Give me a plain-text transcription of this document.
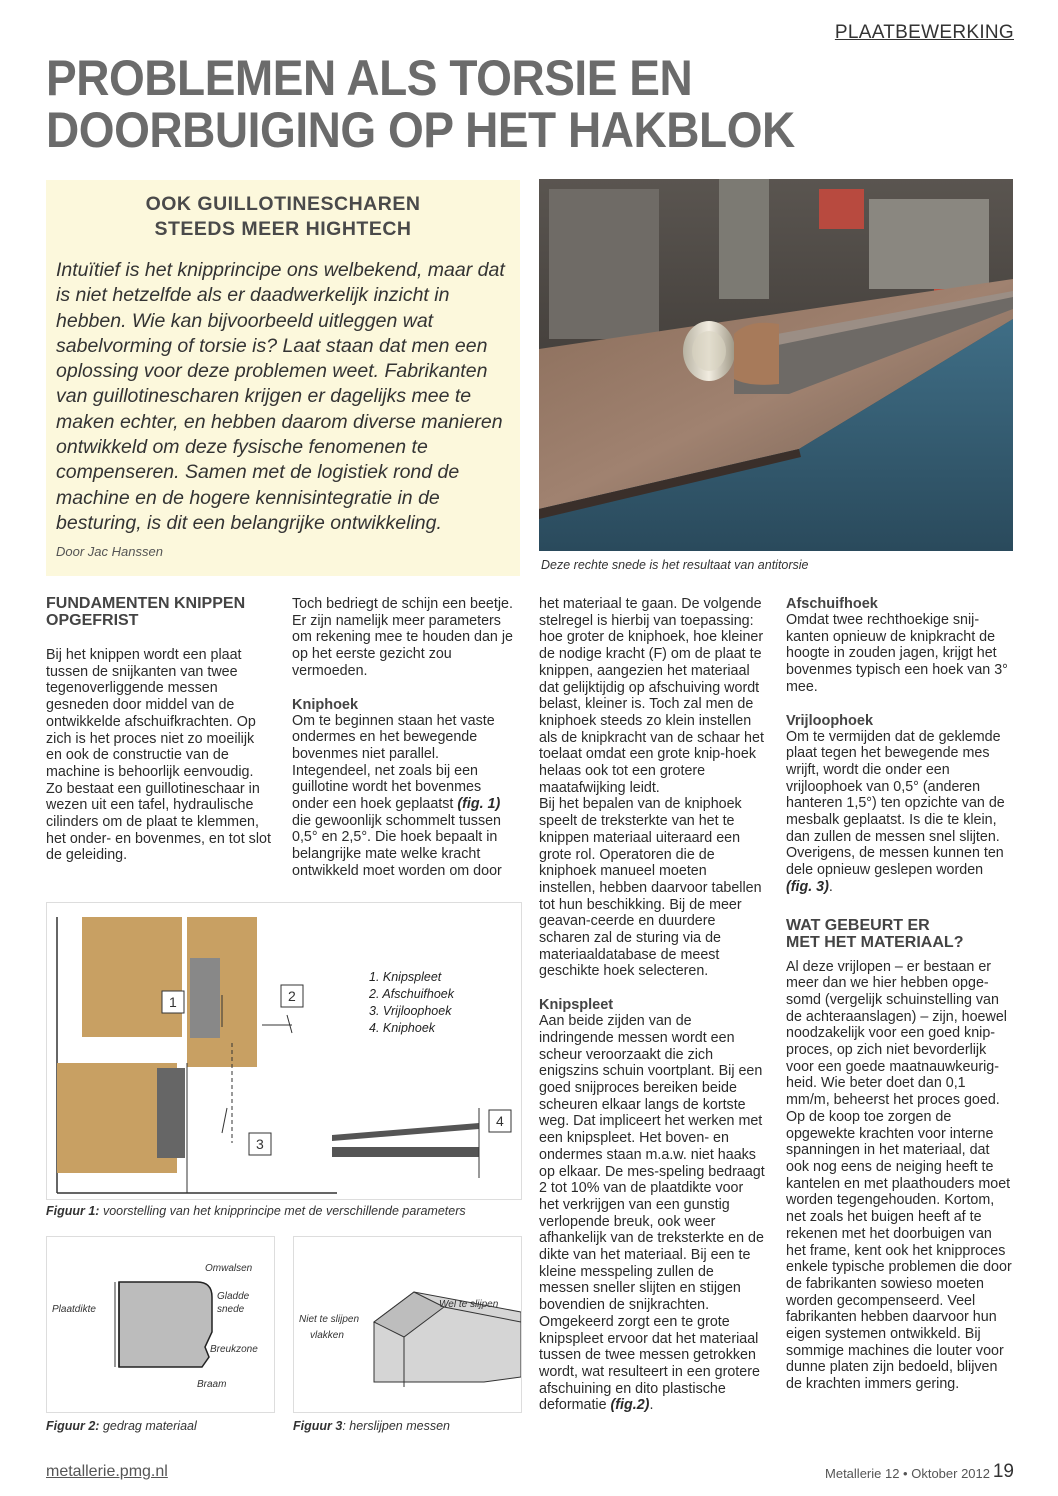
PLAATBEWERKING
PROBLEMEN ALS TORSIE EN
DOORBUIGING OP HET HAKBLOK
OOK GUILLOTINESCHAREN
STEEDS MEER HIGHTECH
Intuïtief is het knipprincipe ons welbekend, maar dat is niet hetzelfde als er daadwerkelijk inzicht in hebben. Wie kan bijvoorbeeld uitleggen wat sabelvorming of torsie is? Laat staan dat men een oplossing voor deze problemen weet. Fabrikanten van guillotinescharen krijgen er dagelijks mee te maken echter, en hebben daarom diverse manieren ontwikkeld om deze fysische fenomenen te compenseren. Samen met de logistiek rond de machine en de hogere kennisintegratie in de besturing, is dit een belangrijke ontwikkeling.
Door Jac Hanssen
Deze rechte snede is het resultaat van antitorsie
FUNDAMENTEN KNIPPEN
OPGEFRIST

Bij het knippen wordt een plaat tussen de snijkanten van twee tegenoverliggende messen gesneden door middel van de ontwikkelde afschuifkrachten. Op zich is het proces niet zo moeilijk en ook de constructie van de machine is behoorlijk eenvoudig. Zo bestaat een guillotineschaar in wezen uit een tafel, hydraulische cilinders om de plaat te klemmen, het onder- en bovenmes, en tot slot de geleiding.

Toch bedriegt de schijn een beetje. Er zijn namelijk meer parameters om rekening mee te houden dan je op het eerste gezicht zou vermoeden.

Kniphoek

Om te beginnen staan het vaste ondermes en het bewegende bovenmes niet parallel. Integendeel, net zoals bij een guillotine wordt het bovenmes onder een hoek geplaatst (fig. 1) die gewoonlijk schommelt tussen 0,5° en 2,5°. Die hoek bepaalt in belangrijke mate welke kracht ontwikkeld moet worden om door

het materiaal te gaan. De volgende stelregel is hierbij van toepassing: hoe groter de kniphoek, hoe kleiner de nodige kracht (F) om de plaat te knippen, aangezien het materiaal dat gelijktijdig op afschuiving wordt belast, kleiner is. Toch zal men de kniphoek steeds zo klein instellen als de knipkracht van de schaar het toelaat omdat een grote knip-hoek helaas ook tot een grotere maatafwijking leidt.

Bij het bepalen van de kniphoek speelt de treksterkte van het te knippen materiaal uiteraard een grote rol. Operatoren die de kniphoek manueel moeten instellen, hebben daarvoor tabellen tot hun beschikking. Bij de meer geavan-ceerde en duurdere scharen zal de sturing via de materiaaldatabase de meest geschikte hoek selecteren.

Knipspleet

Aan beide zijden van de indringende messen wordt een scheur veroorzaakt die zich enigszins schuin voortplant. Bij een goed snijproces bereiken beide scheuren elkaar langs de kortste weg. Dat impliceert het werken met een knipspleet. Het boven- en ondermes staan m.a.w. niet haaks op elkaar. De mes-speling bedraagt 2 tot 10% van de plaatdikte voor het verkrijgen van een gunstig verlopende breuk, ook weer afhankelijk van de treksterkte en de dikte van het materiaal. Bij een te kleine messpeling zullen de messen sneller slijten en stijgen bovendien de snijkrachten. Omgekeerd zorgt een te grote knipspleet ervoor dat het materiaal tussen de twee messen getrokken wordt, wat resulteert in een grotere afschuining en dito plastische deformatie (fig.2).

Afschuifhoek

Omdat twee rechthoekige snij-kanten opnieuw de knipkracht de hoogte in zouden jagen, krijgt het bovenmes typisch een hoek van 3° mee.

Vrijloophoek

Om te vermijden dat de geklemde plaat tegen het bewegende mes wrijft, wordt die onder een vrijloophoek van 0,5° (anderen hanteren 1,5°) ten opzichte van de mesbalk geplaatst. Is die te klein, dan zullen de messen snel slijten. Overigens, de messen kunnen ten dele opnieuw geslepen worden (fig. 3).

WAT GEBEURT ER
MET HET MATERIAAL?

Al deze vrijlopen – er bestaan er meer dan we hier hebben opge-somd (vergelijk schuinstelling van de achteraanslagen) – zijn, hoewel noodzakelijk voor een goed knip-proces, op zich niet bevorderlijk voor een goede maatnauwkeurig-heid. Wie beter doet dan 0,1 mm/m, beheerst het proces goed. Op de koop toe zorgen de opgewekte krachten voor interne spanningen in het materiaal, dat ook nog eens de neiging heeft te kantelen en met plaathouders moet worden tegengehouden. Kortom, net zoals het buigen heeft af te rekenen met het doorbuigen van het frame, kent ook het knipproces enkele typische problemen die door de fabrikanten sowieso moeten worden gecompenseerd. Veel fabrikanten hebben daarvoor hun eigen systemen ontwikkeld. Bij sommige machines die louter voor dunne platen zijn bedoeld, blijven de krachten immers gering.

1	2
3
4
1. Knipspleet
2. Afschuifhoek
3. Vrijloophoek
4. Kniphoek
Figuur 1: voorstelling van het knipprincipe met de verschillende parameters
Plaatdikte
Omwalsen
Gladde
snede
Breukzone
Braam
Figuur 2: gedrag materiaal
Wel te slijpen
Niet te slijpen
vlakken
Figuur 3: herslijpen messen
metallerie.pmg.nl	Metallerie 12 • Oktober 2012 19
